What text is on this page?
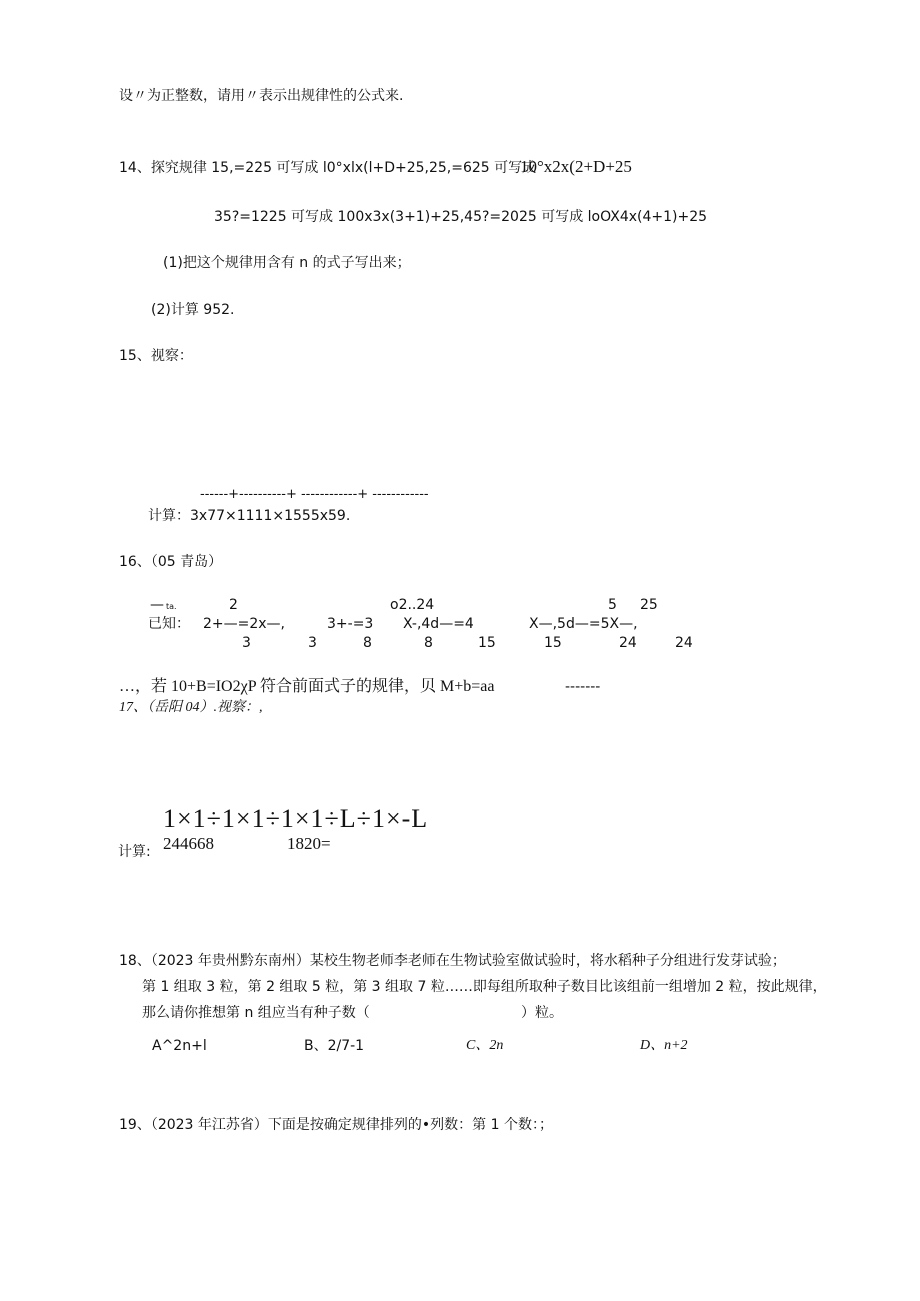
设〃为正整数，请用〃表示出规律性的公式来.
14、探究规律 15,=225 可写成 l0°xlx(l+D+25,25,=625 可写成
10°x2x(2+D+25
35?=1225 可写成 100x3x(3+1)+25,45?=2025 可写成 loOX4x(4+1)+25
(1)把这个规律用含有 n 的式子写出来；
(2)计算 952.
15、视察：
------+----------+ ------------+ ------------
计算：3x77×1111×1555x59.
16、（05 青岛）
— ta.	2	o2..24	5 25
已知： 2+—=2x—,	3+-=3 X-,4d—=4	X—,5d—=5X—,
3	3	8	8	15	15	24	24
…，若 10+B=IO2χP 符合前面式子的规律，贝 M+b=aa	-------
17、（岳阳 04）.视察：,
1×1÷1×1÷1×1÷L÷1×-L
244668	1820=
计算:
18、（2023 年贵州黔东南州）某校生物老师李老师在生物试验室做试验时，将水稻种子分组进行发芽试验；
第 1 组取 3 粒，第 2 组取 5 粒，第 3 组取 7 粒……即每组所取种子数目比该组前一组增加 2 粒，按此规律，
那么请你推想第 n 组应当有种子数（	）粒。
A^2n+l	B、2/7-1	C、2n	D、n+2
19、（2023 年江苏省）下面是按确定规律排列的•列数：第 1 个数：；
